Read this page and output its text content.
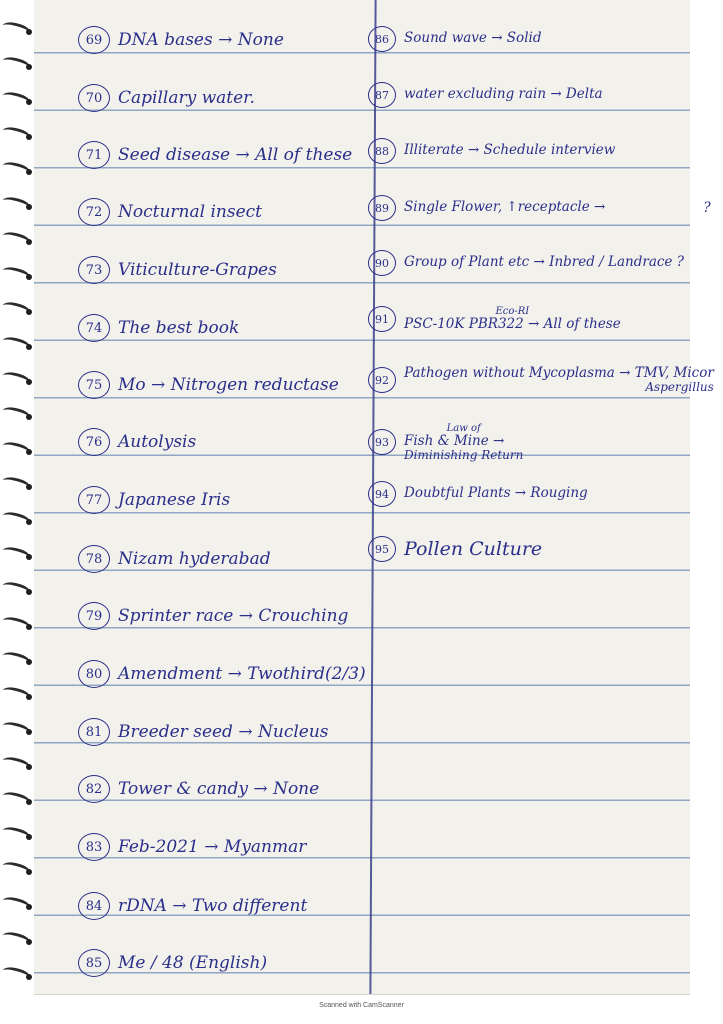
69 DNA bases → None
70 Capillary water.
71 Seed disease → All of these
72 Nocturnal insect
73 Viticulture-Grapes
74 The best book
75 Mo → Nitrogen reductase
76 Autolysis
77 Japanese Iris
78 Nizam hyderabad
79 Sprinter race → Crouching
80 Amendment → Twothird(2/3)
81 Breeder seed → Nucleus
82 Tower & candy → None
83 Feb-2021 → Myanmar
84 rDNA → Two different
85 Me / 48 (English)
86	Sound wave → Solid
87	water excluding rain → Delta
88	Illiterate → Schedule interview
89	Single Flower, ↑receptacle →	?
90	Group of Plant etc → Inbred / Landrace ?
91
Eco-RI
PSC-10K PBR322 → All of these
92	Pathogen without Mycoplasma → TMV, Micor
Aspergillus
93
Law of
Fish & Mine →
Diminishing Return
94	Doubtful Plants → Rouging
95 Pollen Culture
Scanned with CamScanner
